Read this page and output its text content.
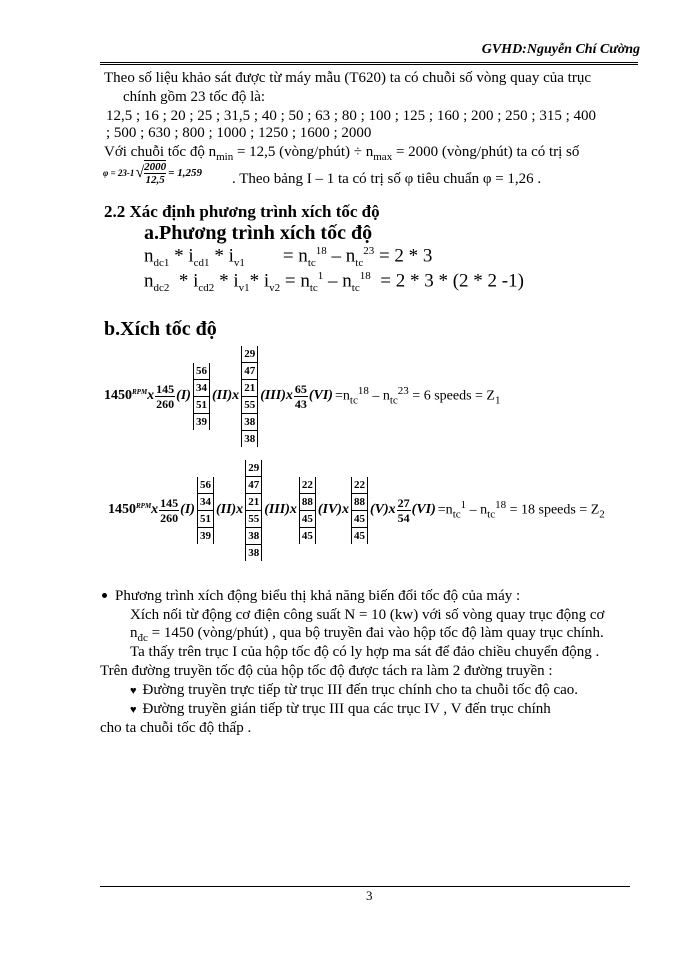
GVHD:Nguyễn Chí Cường
Theo số liệu khảo sát được từ máy mẫu (T620) ta có chuỗi số vòng quay của trục
chính gồm 23 tốc độ là:
12,5 ; 16 ; 20 ; 25 ; 31,5 ; 40 ; 50 ; 63 ; 80 ; 100 ; 125 ; 160 ; 200 ; 250 ; 315 ; 400
; 500 ; 630 ; 800 ; 1000 ; 1250 ; 1600 ; 2000
Với chuỗi tốc độ $n_{min} = 12,5$ (vòng/phút) ÷ $n_{max} = 2000$ (vòng/phút) ta có trị số
φ = 23-1 √ $\frac{2000}{12,5} = 1,259$ . Theo bảng I – 1 ta có trị số φ tiêu chuẩn φ = 1,26 .
2.2 Xác định phương trình xích tốc độ
a.Phương trình xích tốc độ
$n_{dc1} * i_{cd1} * i_{v1}$        = $n_{tc}^{18} - n_{tc}^{23} = 2 * 3$
$n_{dc2} * i_{cd2} * i_{v1}*$ $i_{v2} = n_{tc}^1 - n_{tc}^{18} = 2 * 3 * (2 * 2$ -1)
b.Xích tốc độ
1450 RPM x $\frac{145}{260} (I)$
56
34
51
39
(II)x
29
47
21
55
38
38
$(III)x \frac{65}{43} (VI) =n_{tc}^{18} - n_{tc}^{23} = 6$ speeds = $Z_1$
1450 RPM x $\frac{145}{260} (I)$
56
34
51
39
(II)x
29
47
21
55
38
38
(III)x
22
88
45
45
(IV)x
22
88
45
45
$(V)x \frac{27}{54} (VI) =n_{tc}^1 - n_{tc}^{18} = 18$ speeds = $Z_2$
Phương trình xích động biểu thị khả năng biến đổi tốc độ của máy :
Xích nối từ động cơ điện công suất N = 10 (kw) với số vòng quay trục động cơ
$n_{đc} = 1450$ (vòng/phút) , qua bộ truyền đai vào hộp tốc độ làm quay trục chính.
Ta thấy trên trục I của hộp tốc độ có ly hợp ma sát để đảo chiều chuyển động .
Trên đường truyền tốc độ của hộp tốc độ được tách ra làm 2 đường truyền :
♥ Đường truyền trực tiếp từ trục III đến trục chính cho ta chuỗi tốc độ cao.
♥ Đường truyền gián tiếp từ trục III qua các trục IV , V đến trục chính
cho ta chuỗi tốc độ thấp .
3
